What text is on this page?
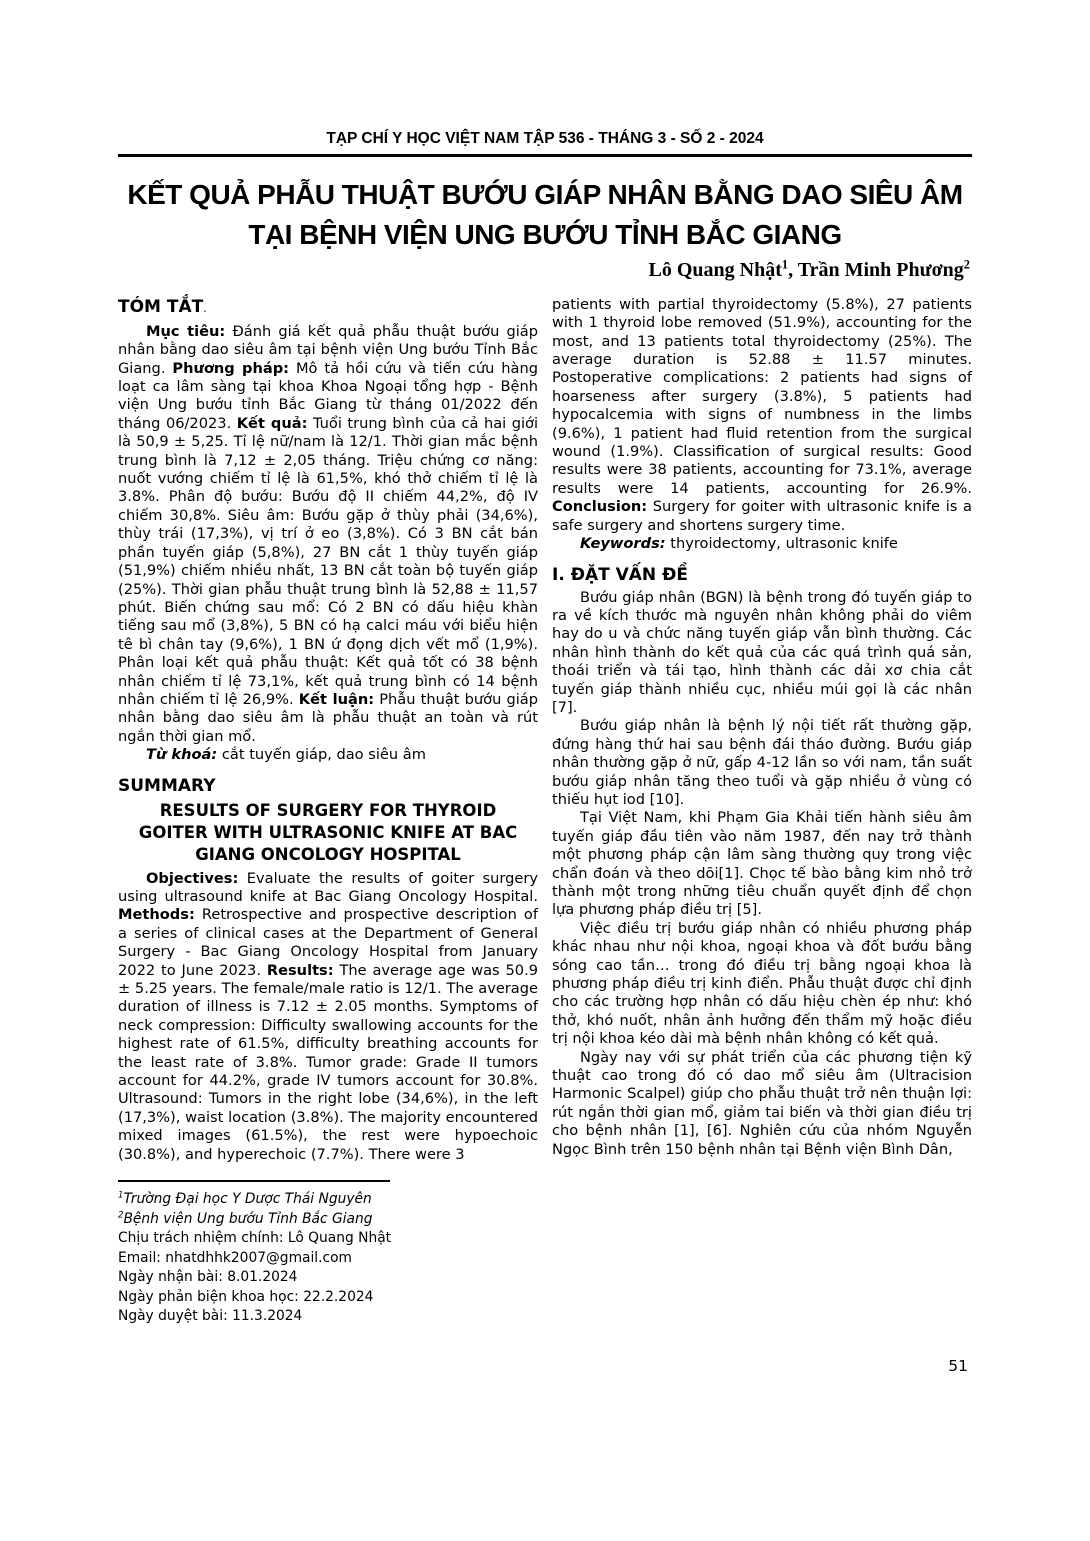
TẠP CHÍ Y HỌC VIỆT NAM TẬP 536 - THÁNG 3 - SỐ 2 - 2024
KẾT QUẢ PHẪU THUẬT BƯỚU GIÁP NHÂN BẰNG DAO SIÊU ÂM
TẠI BỆNH VIỆN UNG BƯỚU TỈNH BẮC GIANG
Lô Quang Nhật$^1$, Trần Minh Phương$^2$
TÓM TẮT.

Mục tiêu: Đánh giá kết quả phẫu thuật bướu giáp nhân bằng dao siêu âm tại bệnh viện Ung bướu Tỉnh Bắc Giang. Phương pháp: Mô tả hồi cứu và tiến cứu hàng loạt ca lâm sàng tại khoa Khoa Ngoại tổng hợp - Bệnh viện Ung bướu tỉnh Bắc Giang từ tháng 01/2022 đến tháng 06/2023. Kết quả: Tuổi trung bình của cả hai giới là 50,9 ± 5,25. Tỉ lệ nữ/nam là 12/1. Thời gian mắc bệnh trung bình là 7,12 ± 2,05 tháng. Triệu chứng cơ năng: nuốt vướng chiếm tỉ lệ là 61,5%, khó thở chiếm tỉ lệ là 3.8%. Phân độ bướu: Bướu độ II chiếm 44,2%, độ IV chiếm 30,8%. Siêu âm: Bướu gặp ở thùy phải (34,6%), thùy trái (17,3%), vị trí ở eo (3,8%). Có 3 BN cắt bán phần tuyến giáp (5,8%), 27 BN cắt 1 thùy tuyến giáp (51,9%) chiếm nhiều nhất, 13 BN cắt toàn bộ tuyến giáp (25%). Thời gian phẫu thuật trung bình là 52,88 ± 11,57 phút. Biến chứng sau mổ: Có 2 BN có dấu hiệu khàn tiếng sau mổ (3,8%), 5 BN có hạ calci máu với biểu hiện tê bì chân tay (9,6%), 1 BN ứ đọng dịch vết mổ (1,9%). Phân loại kết quả phẫu thuật: Kết quả tốt có 38 bệnh nhân chiếm tỉ lệ 73,1%, kết quả trung bình có 14 bệnh nhân chiếm tỉ lệ 26,9%. Kết luận: Phẫu thuật bướu giáp nhân bằng dao siêu âm là phẫu thuật an toàn và rút ngắn thời gian mổ.

Từ khoá: cắt tuyến giáp, dao siêu âm

SUMMARY
RESULTS OF SURGERY FOR THYROID GOITER WITH ULTRASONIC KNIFE AT BAC GIANG ONCOLOGY HOSPITAL

Objectives: Evaluate the results of goiter surgery using ultrasound knife at Bac Giang Oncology Hospital. Methods: Retrospective and prospective description of a series of clinical cases at the Department of General Surgery - Bac Giang Oncology Hospital from January 2022 to June 2023. Results: The average age was 50.9 ± 5.25 years. The female/male ratio is 12/1. The average duration of illness is 7.12 ± 2.05 months. Symptoms of neck compression: Difficulty swallowing accounts for the highest rate of 61.5%, difficulty breathing accounts for the least rate of 3.8%. Tumor grade: Grade II tumors account for 44.2%, grade IV tumors account for 30.8%. Ultrasound: Tumors in the right lobe (34,6%), in the left (17,3%), waist location (3.8%). The majority encountered mixed images (61.5%), the rest were hypoechoic (30.8%), and hyperechoic (7.7%). There were 3

$^1$Trường Đại học Y Dược Thái Nguyên
$^2$Bệnh viện Ung bướu Tỉnh Bắc Giang
Chịu trách nhiệm chính: Lô Quang Nhật
Email: nhatdhhk2007@gmail.com
Ngày nhận bài: 8.01.2024
Ngày phản biện khoa học: 22.2.2024
Ngày duyệt bài: 11.3.2024

patients with partial thyroidectomy (5.8%), 27 patients with 1 thyroid lobe removed (51.9%), accounting for the most, and 13 patients total thyroidectomy (25%). The average duration is 52.88 ± 11.57 minutes. Postoperative complications: 2 patients had signs of hoarseness after surgery (3.8%), 5 patients had hypocalcemia with signs of numbness in the limbs (9.6%), 1 patient had fluid retention from the surgical wound (1.9%). Classification of surgical results: Good results were 38 patients, accounting for 73.1%, average results were 14 patients, accounting for 26.9%. Conclusion: Surgery for goiter with ultrasonic knife is a safe surgery and shortens surgery time.

Keywords: thyroidectomy, ultrasonic knife

I. ĐẶT VẤN ĐỀ

Bướu giáp nhân (BGN) là bệnh trong đó tuyến giáp to ra về kích thước mà nguyên nhân không phải do viêm hay do u và chức năng tuyến giáp vẫn bình thường. Các nhân hình thành do kết quả của các quá trình quá sản, thoái triển và tái tạo, hình thành các dải xơ chia cắt tuyến giáp thành nhiều cục, nhiều múi gọi là các nhân [7].

Bướu giáp nhân là bệnh lý nội tiết rất thường gặp, đứng hàng thứ hai sau bệnh đái tháo đường. Bướu giáp nhân thường gặp ở nữ, gấp 4-12 lần so với nam, tần suất bướu giáp nhân tăng theo tuổi và gặp nhiều ở vùng có thiếu hụt iod [10].

Tại Việt Nam, khi Phạm Gia Khải tiến hành siêu âm tuyến giáp đầu tiên vào năm 1987, đến nay trở thành một phương pháp cận lâm sàng thường quy trong việc chẩn đoán và theo dõi[1]. Chọc tế bào bằng kim nhỏ trở thành một trong những tiêu chuẩn quyết định để chọn lựa phương pháp điều trị [5].

Việc điều trị bướu giáp nhân có nhiều phương pháp khác nhau như nội khoa, ngoại khoa và đốt bướu bằng sóng cao tần… trong đó điều trị bằng ngoại khoa là phương pháp điều trị kinh điển. Phẫu thuật được chỉ định cho các trường hợp nhân có dấu hiệu chèn ép như: khó thở, khó nuốt, nhân ảnh hưởng đến thẩm mỹ hoặc điều trị nội khoa kéo dài mà bệnh nhân không có kết quả.

Ngày nay với sự phát triển của các phương tiện kỹ thuật cao trong đó có dao mổ siêu âm (Ultracision Harmonic Scalpel) giúp cho phẫu thuật trở nên thuận lợi: rút ngắn thời gian mổ, giảm tai biến và thời gian điều trị cho bệnh nhân [1], [6]. Nghiên cứu của nhóm Nguyễn Ngọc Bình trên 150 bệnh nhân tại Bệnh viện Bình Dân,

51
